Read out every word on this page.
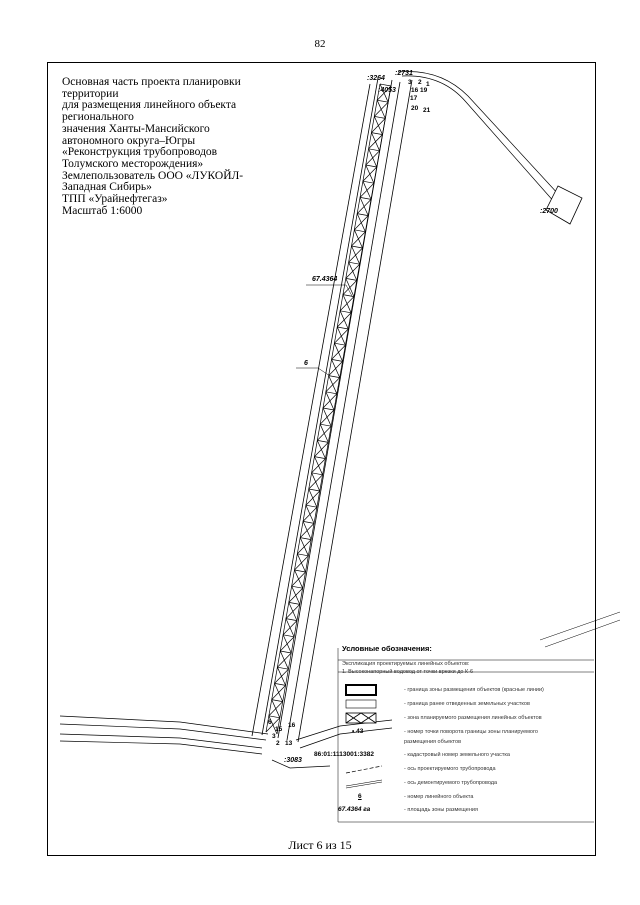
82
Основная часть проекта планировки
территории
для размещения линейного объекта
регионального
значения Ханты-Мансийского
автономного округа–Югры
«Реконструкция трубопроводов
Толумского месторождения»
Землепользователь ООО «ЛУКОЙЛ-
Западная Сибирь»
ТПП «Урайнефтегаз»
Масштаб 1:6000
:3264
:2731
:4053
:2700
67.4364
6
:3083
1
2
3
16 19
17
20 21
16
15
3
2 13
6
Условные обозначения:
Экспликация проектируемых линейных объектов:
1. Высоконапорный водовод от точки врезки до К-6
- граница зоны размещения объектов (красные линии)
- граница ранее отведенных земельных участков
- зона планируемого размещения линейных объектов
• 43	- номер точки поворота границы зоны планируемого
размещения объектов
86:01:1113001:3382	- кадастровый номер земельного участка
- ось проектируемого трубопровода
- ось демонтируемого трубопровода
6	- номер линейного объекта
67.4364 га	- площадь зоны размещения
Лист 6 из 15
